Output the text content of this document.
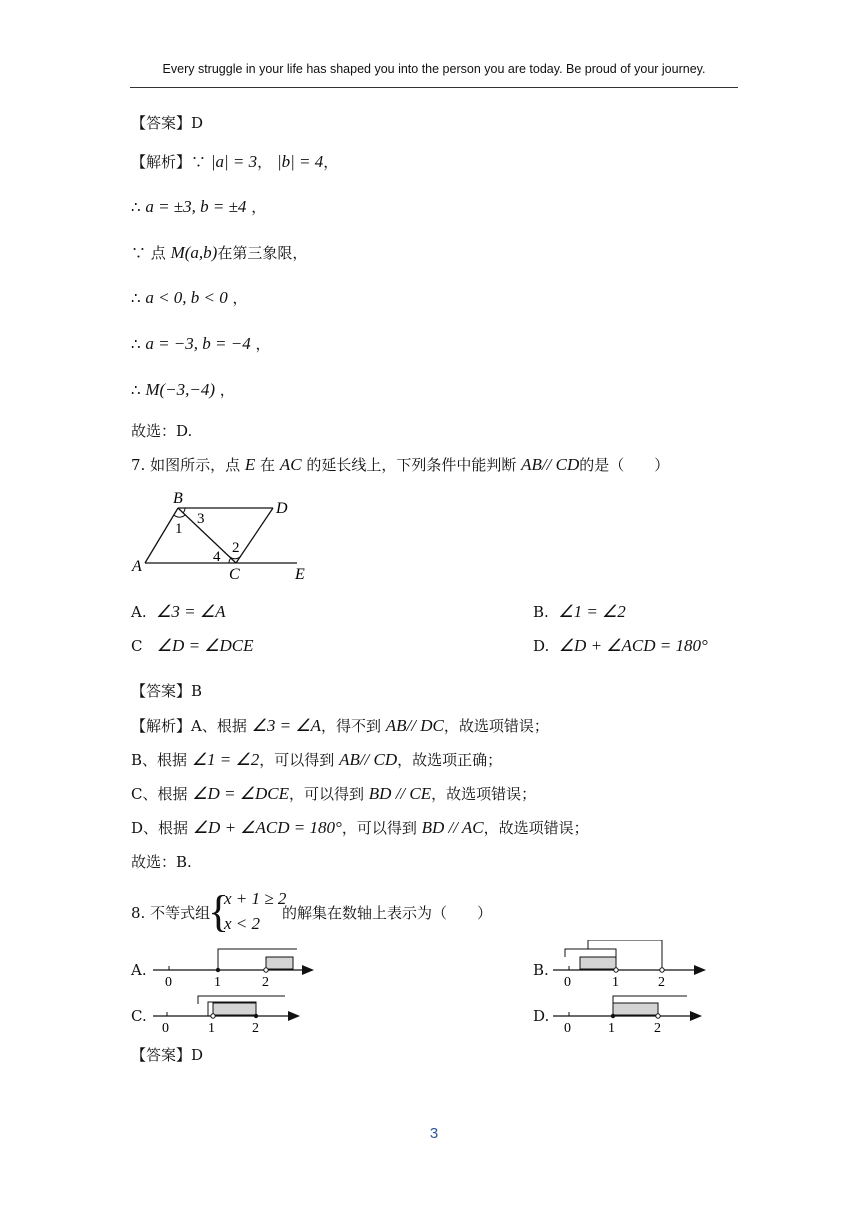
Every struggle in your life has shaped you into the person you are today. Be proud of your journey.
【答案】D
【解析】∵ |a| = 3， |b| = 4，
∴ a = ±3, b = ±4 ，
∵ 点 M(a,b)在第三象限，
∴ a < 0, b < 0 ，
∴ a = −3, b = −4 ，
∴ M(−3,−4) ，
故选：D.
7. 如图所示，点 E 在 AC 的延长线上，下列条件中能判断 AB// CD的是（　　）
B
D
A	C	E
1
3
4
2
A. ∠3 = ∠A	B. ∠1 = ∠2
C ∠D = ∠DCE	D. ∠D + ∠ACD = 180°
【答案】B
【解析】A、根据 ∠3 = ∠A，得不到 AB// DC，故选项错误；
B、根据 ∠1 = ∠2，可以得到 AB// CD，故选项正确；
C、根据 ∠D = ∠DCE，可以得到 BD // CE，故选项错误；
D、根据 ∠D + ∠ACD = 180°，可以得到 BD // AC，故选项错误；
故选：B.
8. 不等式组
{
x + 1 ≥ 2
x < 2
的解集在数轴上表示为（　　）
A.
0	1	2
B.
0	1	2
C.
0	1	2
D.
0	1	2
【答案】D
3
